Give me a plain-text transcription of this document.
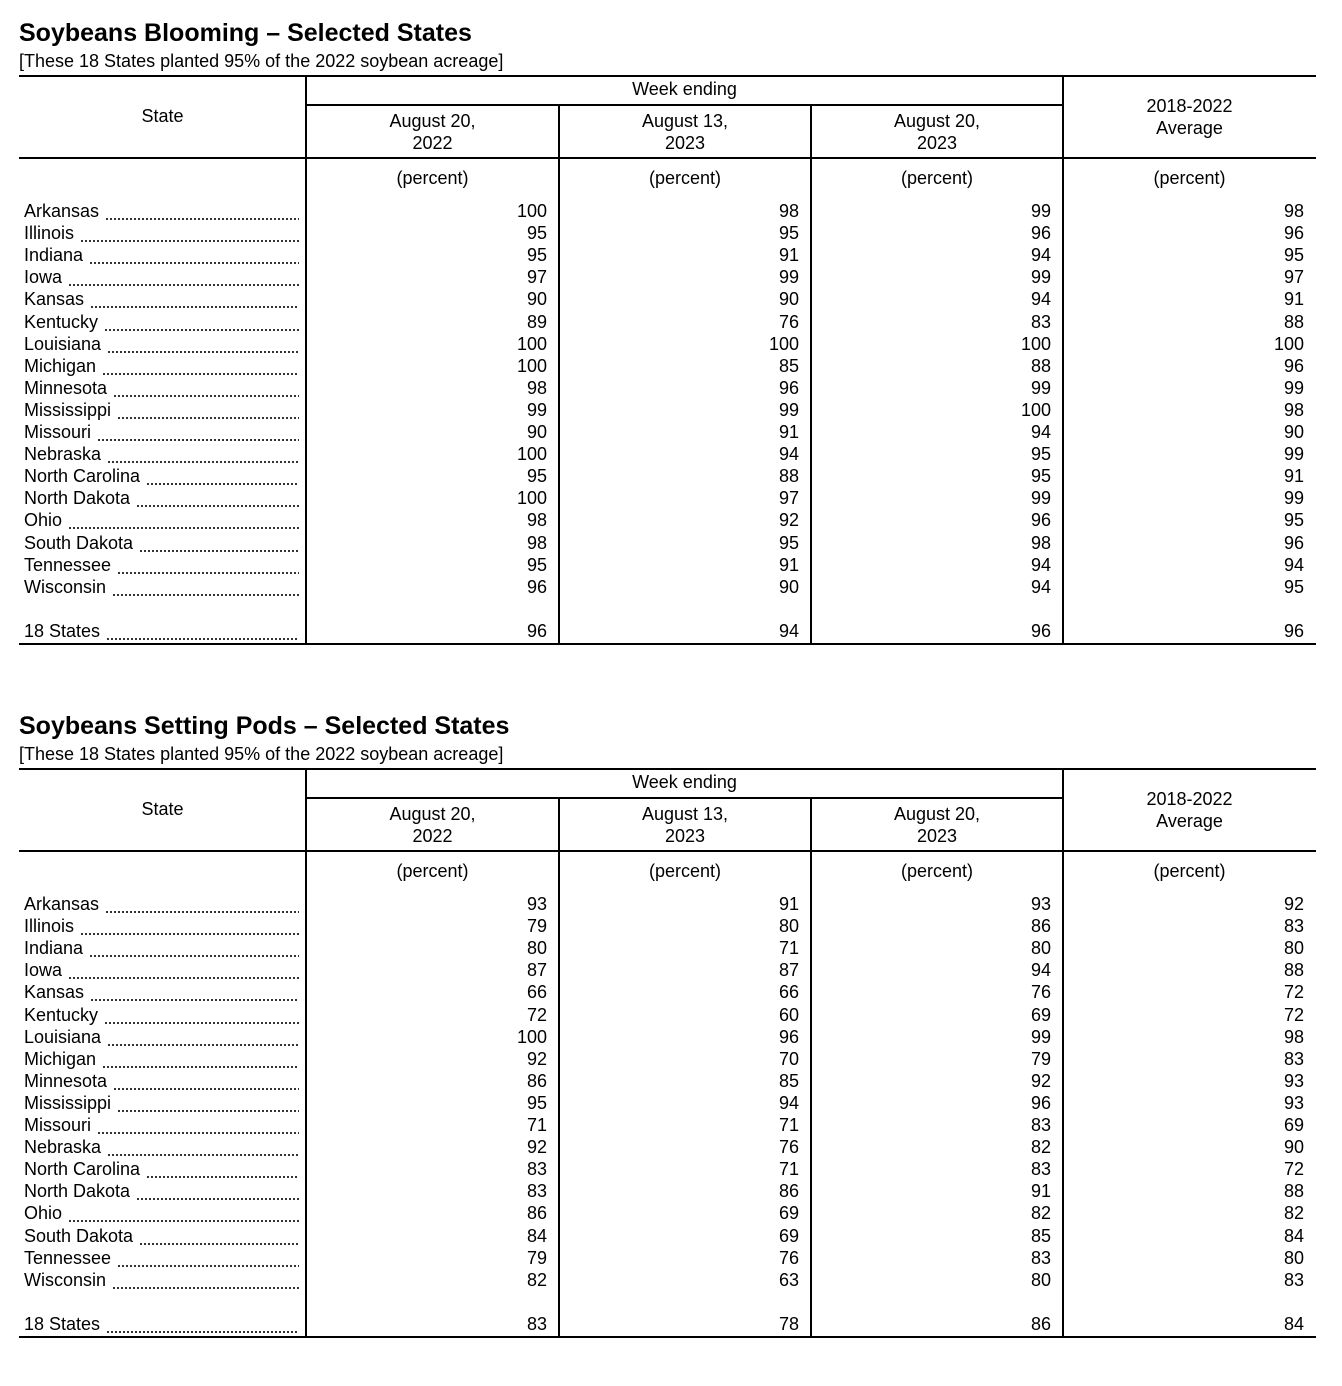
Soybeans Blooming – Selected States
[These 18 States planted 95% of the 2022 soybean acreage]
State
Week ending
August 20,
2022
August 13,
2023
August 20,
2023
2018-2022
Average
(percent)	(percent)	(percent)	(percent)
Arkansas	100	98	99	98
Illinois	95	95	96	96
Indiana	95	91	94	95
Iowa	97	99	99	97
Kansas	90	90	94	91
Kentucky	89	76	83	88
Louisiana	100	100	100	100
Michigan	100	85	88	96
Minnesota	98	96	99	99
Mississippi	99	99	100	98
Missouri	90	91	94	90
Nebraska	100	94	95	99
North Carolina	95	88	95	91
North Dakota	100	97	99	99
Ohio	98	92	96	95
South Dakota	98	95	98	96
Tennessee	95	91	94	94
Wisconsin	96	90	94	95
18 States	96	94	96	96
Soybeans Setting Pods – Selected States
[These 18 States planted 95% of the 2022 soybean acreage]
State
Week ending
August 20,
2022
August 13,
2023
August 20,
2023
2018-2022
Average
(percent)	(percent)	(percent)	(percent)
Arkansas	93	91	93	92
Illinois	79	80	86	83
Indiana	80	71	80	80
Iowa	87	87	94	88
Kansas	66	66	76	72
Kentucky	72	60	69	72
Louisiana	100	96	99	98
Michigan	92	70	79	83
Minnesota	86	85	92	93
Mississippi	95	94	96	93
Missouri	71	71	83	69
Nebraska	92	76	82	90
North Carolina	83	71	83	72
North Dakota	83	86	91	88
Ohio	86	69	82	82
South Dakota	84	69	85	84
Tennessee	79	76	83	80
Wisconsin	82	63	80	83
18 States	83	78	86	84
